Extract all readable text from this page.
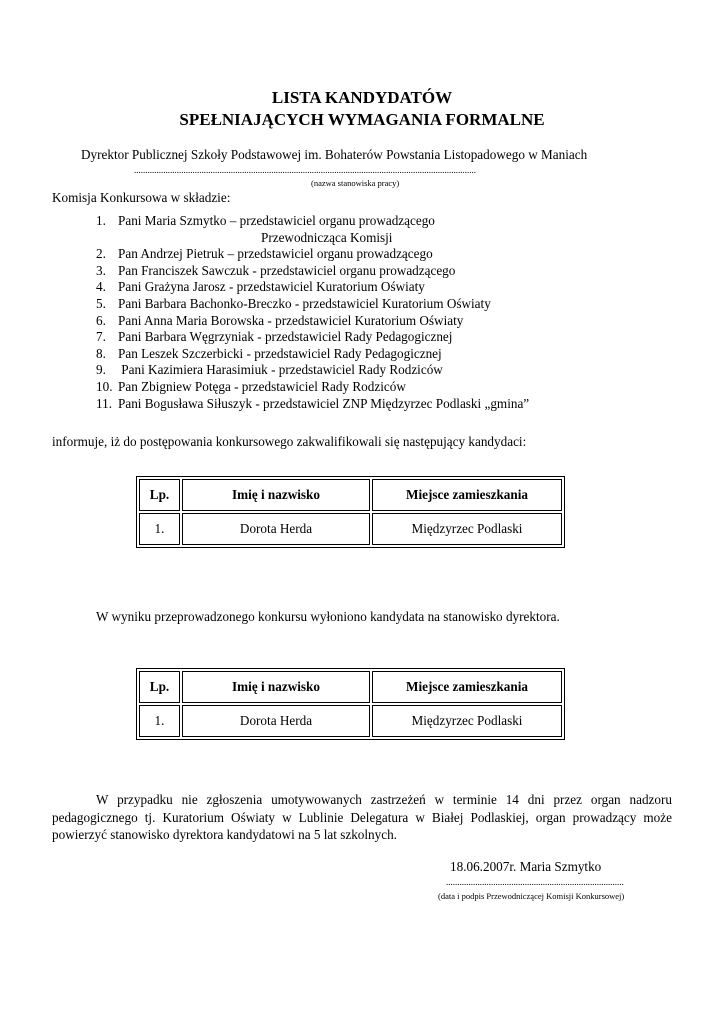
LISTA KANDYDATÓW
SPEŁNIAJĄCYCH WYMAGANIA FORMALNE
Dyrektor Publicznej Szkoły Podstawowej im. Bohaterów Powstania Listopadowego w Maniach
........................................................................................................................................................
(nazwa stanowiska pracy)
Komisja Konkursowa w składzie:
1. Pani Maria Szmytko – przedstawiciel organu prowadzącego
Przewodnicząca Komisji
2. Pan Andrzej Pietruk – przedstawiciel organu prowadzącego
3. Pan Franciszek Sawczuk - przedstawiciel organu prowadzącego
4. Pani Grażyna Jarosz - przedstawiciel Kuratorium Oświaty
5. Pani Barbara Bachonko-Breczko - przedstawiciel Kuratorium Oświaty
6. Pani Anna Maria Borowska - przedstawiciel Kuratorium Oświaty
7. Pani Barbara Węgrzyniak - przedstawiciel Rady Pedagogicznej
8. Pan Leszek Szczerbicki - przedstawiciel Rady Pedagogicznej
9. Pani Kazimiera Harasimiuk - przedstawiciel Rady Rodziców
10. Pan Zbigniew Potęga - przedstawiciel Rady Rodziców
11. Pani Bogusława Siłuszyk - przedstawiciel ZNP Międzyrzec Podlaski „gmina”
informuje, iż do postępowania konkursowego zakwalifikowali się następujący kandydaci:
Lp.	Imię i nazwisko	Miejsce zamieszkania
1.	Dorota Herda	Międzyrzec Podlaski
W wyniku przeprowadzonego konkursu wyłoniono kandydata na stanowisko dyrektora.
Lp.	Imię i nazwisko	Miejsce zamieszkania
1.	Dorota Herda	Międzyrzec Podlaski
W przypadku nie zgłoszenia umotywowanych zastrzeżeń w terminie 14 dni przez organ nadzoru pedagogicznego tj. Kuratorium Oświaty w Lublinie Delegatura w Białej Podlaskiej, organ prowadzący może powierzyć stanowisko dyrektora kandydatowi na 5 lat szkolnych.
18.06.2007r. Maria Szmytko
...............................................................................
(data i podpis Przewodniczącej Komisji Konkursowej)
